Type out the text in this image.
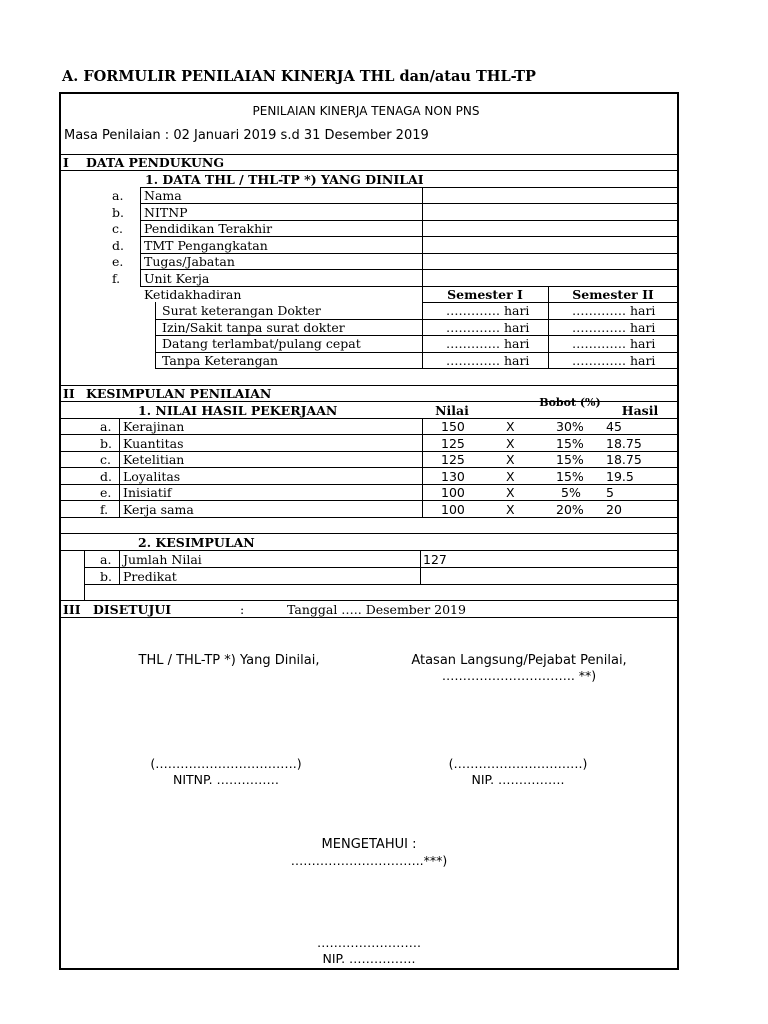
A. FORMULIR PENILAIAN KINERJA THL dan/atau THL-TP
PENILAIAN KINERJA TENAGA NON PNS
Masa Penilaian : 02 Januari 2019 s.d 31 Desember 2019
I DATA PENDUKUNG
1. DATA THL / THL-TP *) YANG DINILAI
a. Nama
b. NITNP
c. Pendidikan Terakhir
d. TMT Pengangkatan
e. Tugas/Jabatan
f. Unit Kerja
Ketidakhadiran	Semester I	Semester II
Surat keterangan Dokter	…………. hari	…………. hari
Izin/Sakit tanpa surat dokter	…………. hari	…………. hari
Datang terlambat/pulang cepat	…………. hari	…………. hari
Tanpa Keterangan	…………. hari	…………. hari
II KESIMPULAN PENILAIAN
1. NILAI HASIL PEKERJAAN	Nilai
Bobot (%)
Hasil
a. Kerajinan	150	X	30% 45
b. Kuantitas	125	X	15% 18.75
c. Ketelitian	125	X	15% 18.75
d. Loyalitas	130	X	15% 19.5
e. Inisiatif	100	X	5% 5
f. Kerja sama	100	X	20% 20
2. KESIMPULAN
a. Jumlah Nilai	127
b. Predikat
III DISETUJUI	:	Tanggal ….. Desember 2019
THL / THL-TP *) Yang Dinilai,	Atasan Langsung/Pejabat Penilai,
………………………….. **)
(…………………………….)	(………………………….)
NITNP. ……………	NIP. …………….
MENGETAHUI :
…………………………..***)
…………………….
NIP. …………….
